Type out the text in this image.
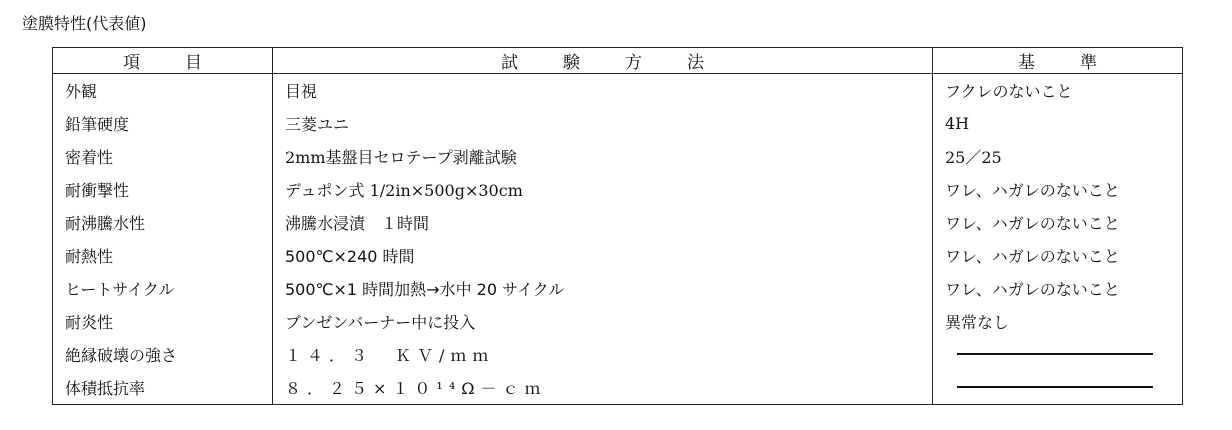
塗膜特性(代表値)
項　目	試　験　方　法	基　準
外観	目視	フクレのないこと
鉛筆硬度	三菱ユニ	4H
密着性	2mm基盤目セロテープ剥離試験	25／25
耐衝撃性	デュポン式 1/2in×500g×30cm	ワレ、ハガレのないこと
耐沸騰水性	沸騰水浸漬　１時間	ワレ、ハガレのないこと
耐熱性	500℃×240 時間	ワレ、ハガレのないこと
ヒートサイクル	500℃×1 時間加熱→水中 20 サイクル	ワレ、ハガレのないこと
耐炎性	ブンゼンバーナー中に投入	異常なし
絶縁破壊の強さ	１４．３　ＫＶ/ｍｍ	

体積抵抗率	８．２５×１０¹⁴Ω－ｃｍ	
